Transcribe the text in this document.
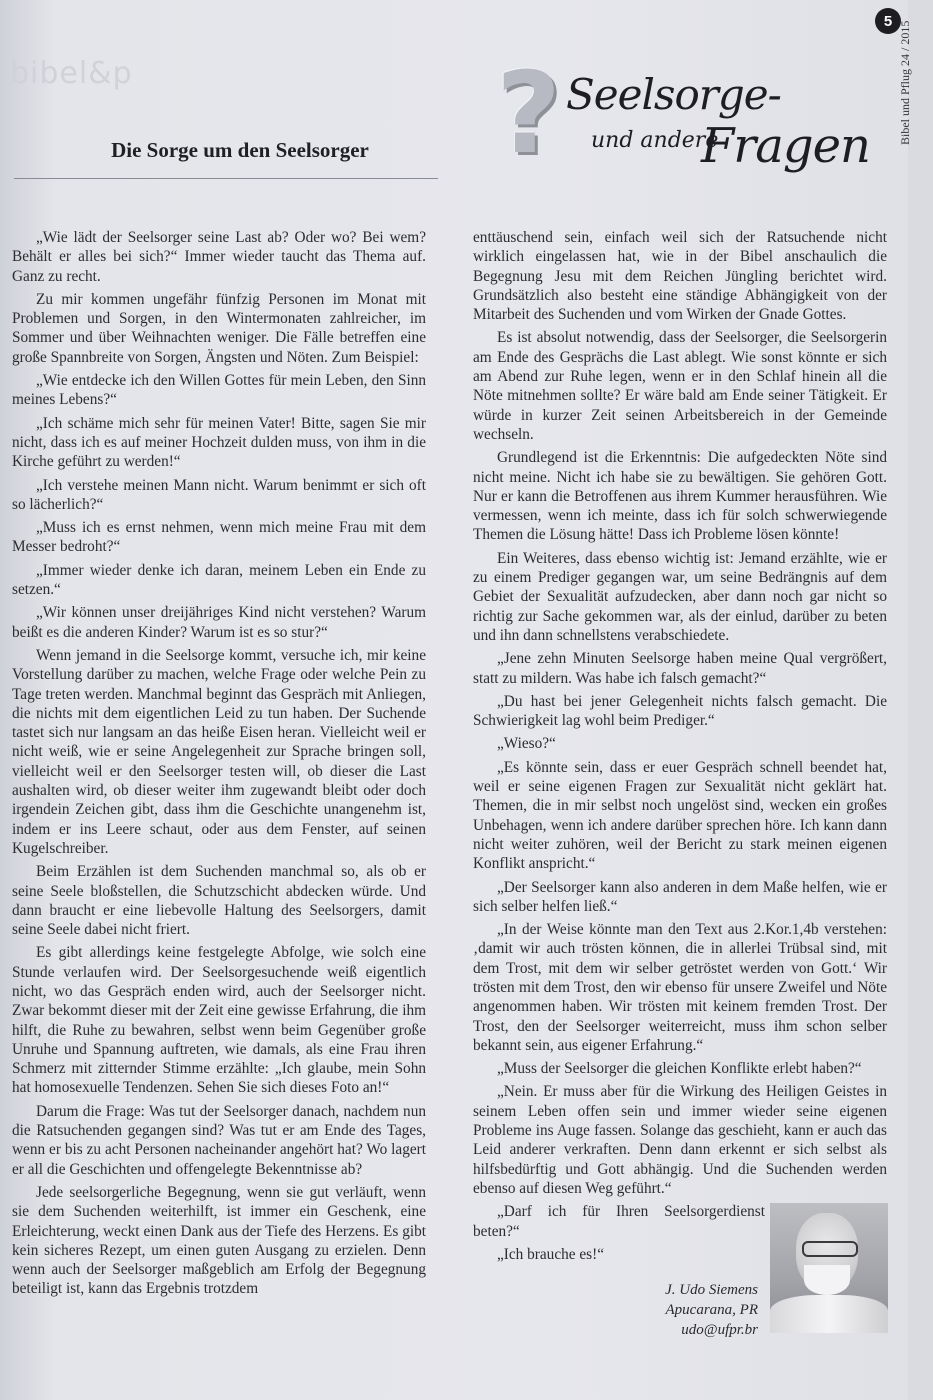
5 Bibel und Pflug 24 / 2015
bibel&p	? Seelsorge-
und andere
Fragen
Die Sorge um den Seelsorger

„Wie lädt der Seelsorger seine Last ab? Oder wo? Bei wem? Behält er alles bei sich?“ Immer wieder taucht das Thema auf. Ganz zu recht.

Zu mir kommen ungefähr fünfzig Personen im Monat mit Problemen und Sorgen, in den Wintermonaten zahlreicher, im Sommer und über Weihnachten weniger. Die Fälle betreffen eine große Spannbreite von Sorgen, Ängsten und Nöten. Zum Beispiel:

„Wie entdecke ich den Willen Gottes für mein Leben, den Sinn meines Lebens?“

„Ich schäme mich sehr für meinen Vater! Bitte, sagen Sie mir nicht, dass ich es auf meiner Hochzeit dulden muss, von ihm in die Kirche geführt zu werden!“

„Ich verstehe meinen Mann nicht. Warum benimmt er sich oft so lächerlich?“

„Muss ich es ernst nehmen, wenn mich meine Frau mit dem Messer bedroht?“

„Immer wieder denke ich daran, meinem Leben ein Ende zu setzen.“

„Wir können unser dreijähriges Kind nicht verstehen? Warum beißt es die anderen Kinder? Warum ist es so stur?“

Wenn jemand in die Seelsorge kommt, versuche ich, mir keine Vorstellung darüber zu machen, welche Frage oder welche Pein zu Tage treten werden. Manchmal beginnt das Gespräch mit Anliegen, die nichts mit dem eigentlichen Leid zu tun haben. Der Suchende tastet sich nur langsam an das heiße Eisen heran. Vielleicht weil er nicht weiß, wie er seine Angelegenheit zur Sprache bringen soll, vielleicht weil er den Seelsorger testen will, ob dieser die Last aushalten wird, ob dieser weiter ihm zugewandt bleibt oder doch irgendein Zeichen gibt, dass ihm die Geschichte unangenehm ist, indem er ins Leere schaut, oder aus dem Fenster, auf seinen Kugelschreiber.

Beim Erzählen ist dem Suchenden manchmal so, als ob er seine Seele bloßstellen, die Schutzschicht abdecken würde. Und dann braucht er eine liebevolle Haltung des Seelsorgers, damit seine Seele dabei nicht friert.

Es gibt allerdings keine festgelegte Abfolge, wie solch eine Stunde verlaufen wird. Der Seelsorgesuchende weiß eigentlich nicht, wo das Gespräch enden wird, auch der Seelsorger nicht. Zwar bekommt dieser mit der Zeit eine gewisse Erfahrung, die ihm hilft, die Ruhe zu bewahren, selbst wenn beim Gegenüber große Unruhe und Spannung auftreten, wie damals, als eine Frau ihren Schmerz mit zitternder Stimme erzählte: „Ich glaube, mein Sohn hat homosexuelle Tendenzen. Sehen Sie sich dieses Foto an!“

Darum die Frage: Was tut der Seelsorger danach, nachdem nun die Ratsuchenden gegangen sind? Was tut er am Ende des Tages, wenn er bis zu acht Personen nacheinander angehört hat? Wo lagert er all die Geschichten und offengelegte Bekenntnisse ab?

Jede seelsorgerliche Begegnung, wenn sie gut verläuft, wenn sie dem Suchenden weiterhilft, ist immer ein Geschenk, eine Erleichterung, weckt einen Dank aus der Tiefe des Herzens. Es gibt kein sicheres Rezept, um einen guten Ausgang zu erzielen. Denn wenn auch der Seelsorger maßgeblich am Erfolg der Begegnung beteiligt ist, kann das Ergebnis trotzdem

enttäuschend sein, einfach weil sich der Ratsuchende nicht wirklich eingelassen hat, wie in der Bibel anschaulich die Begegnung Jesu mit dem Reichen Jüngling berichtet wird. Grundsätzlich also besteht eine ständige Abhängigkeit von der Mitarbeit des Suchenden und vom Wirken der Gnade Gottes.

Es ist absolut notwendig, dass der Seelsorger, die Seelsorgerin am Ende des Gesprächs die Last ablegt. Wie sonst könnte er sich am Abend zur Ruhe legen, wenn er in den Schlaf hinein all die Nöte mitnehmen sollte? Er wäre bald am Ende seiner Tätigkeit. Er würde in kurzer Zeit seinen Arbeitsbereich in der Gemeinde wechseln.

Grundlegend ist die Erkenntnis: Die aufgedeckten Nöte sind nicht meine. Nicht ich habe sie zu bewältigen. Sie gehören Gott. Nur er kann die Betroffenen aus ihrem Kummer herausführen. Wie vermessen, wenn ich meinte, dass ich für solch schwerwiegende Themen die Lösung hätte! Dass ich Probleme lösen könnte!

Ein Weiteres, dass ebenso wichtig ist: Jemand erzählte, wie er zu einem Prediger gegangen war, um seine Bedrängnis auf dem Gebiet der Sexualität aufzudecken, aber dann noch gar nicht so richtig zur Sache gekommen war, als der einlud, darüber zu beten und ihn dann schnellstens verabschiedete.

„Jene zehn Minuten Seelsorge haben meine Qual vergrößert, statt zu mildern. Was habe ich falsch gemacht?“

„Du hast bei jener Gelegenheit nichts falsch gemacht. Die Schwierigkeit lag wohl beim Prediger.“

„Wieso?“

„Es könnte sein, dass er euer Gespräch schnell beendet hat, weil er seine eigenen Fragen zur Sexualität nicht geklärt hat. Themen, die in mir selbst noch ungelöst sind, wecken ein großes Unbehagen, wenn ich andere darüber sprechen höre. Ich kann dann nicht weiter zuhören, weil der Bericht zu stark meinen eigenen Konflikt anspricht.“

„Der Seelsorger kann also anderen in dem Maße helfen, wie er sich selber helfen ließ.“

„In der Weise könnte man den Text aus 2.Kor.1,4b verstehen: ‚damit wir auch trösten können, die in allerlei Trübsal sind, mit dem Trost, mit dem wir selber getröstet werden von Gott.‘ Wir trösten mit dem Trost, den wir ebenso für unsere Zweifel und Nöte angenommen haben. Wir trösten mit keinem fremden Trost. Der Trost, den der Seelsorger weiterreicht, muss ihm schon selber bekannt sein, aus eigener Erfahrung.“

„Muss der Seelsorger die gleichen Konflikte erlebt haben?“

„Nein. Er muss aber für die Wirkung des Heiligen Geistes in seinem Leben offen sein und immer wieder seine eigenen Probleme ins Auge fassen. Solange das geschieht, kann er auch das Leid anderer verkraften. Denn dann erkennt er sich selbst als hilfsbedürftig und Gott abhängig. Und die Suchenden werden ebenso auf diesen Weg geführt.“

„Darf ich für Ihren Seelsorgerdienst beten?“

„Ich brauche es!“

J. Udo Siemens
Apucarana, PR
udo@ufpr.br
